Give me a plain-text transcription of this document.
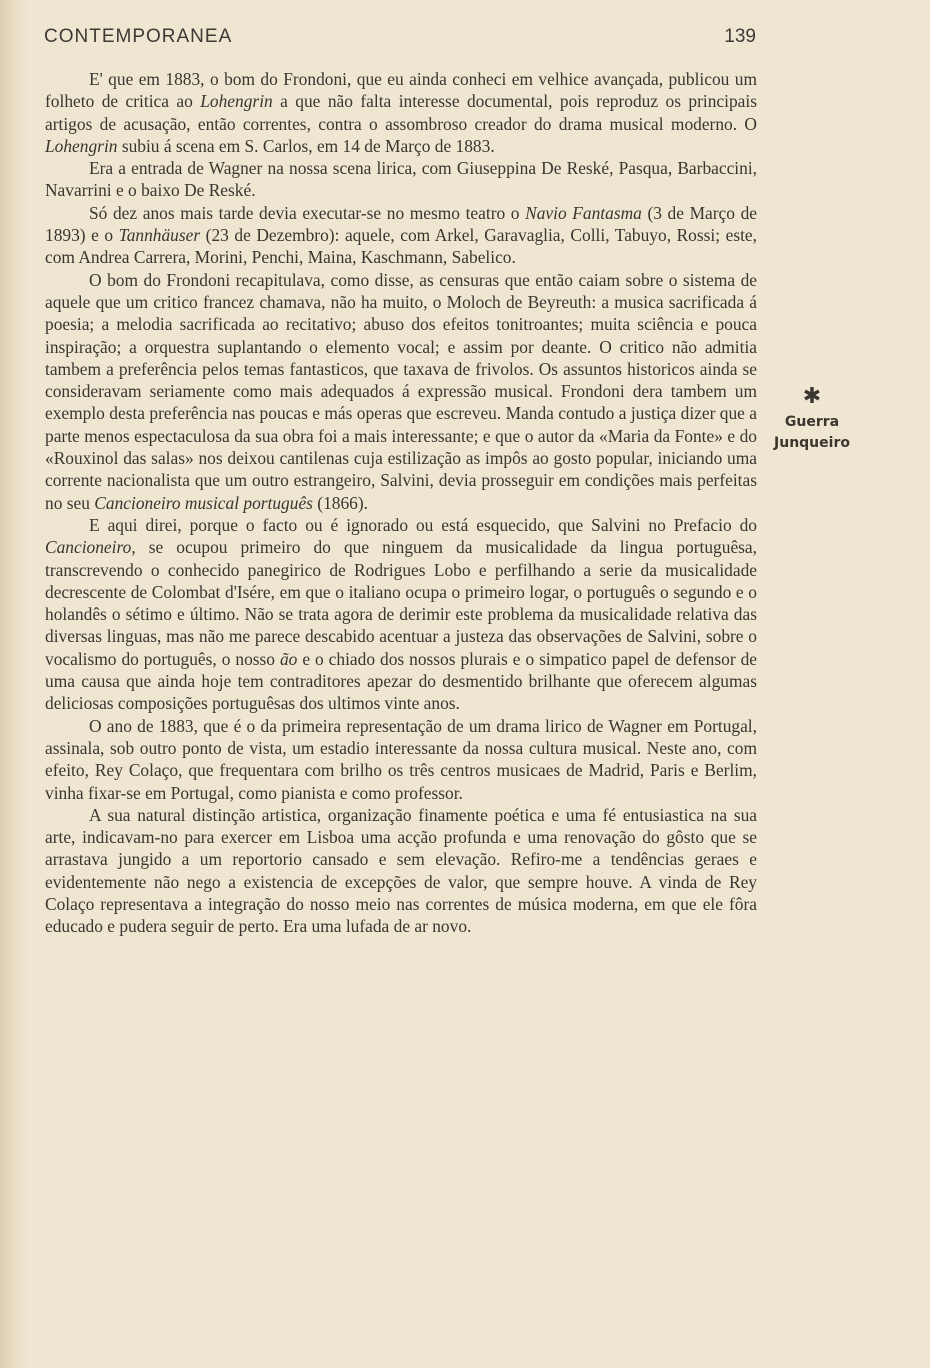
CONTEMPORANEA	139

E' que em 1883, o bom do Frondoni, que eu ainda conheci em velhice avançada, publicou um folheto de critica ao Lohengrin a que não falta interesse documental, pois reproduz os principais artigos de acusação, então correntes, contra o assombroso creador do drama musical moderno. O Lohengrin subiu á scena em S. Carlos, em 14 de Março de 1883.

Era a entrada de Wagner na nossa scena lirica, com Giuseppina De Reské, Pasqua, Barbaccini, Navarrini e o baixo De Reské.

Só dez anos mais tarde devia executar-se no mesmo teatro o Navio Fantasma (3 de Março de 1893) e o Tannhäuser (23 de Dezembro): aquele, com Arkel, Garavaglia, Colli, Tabuyo, Rossi; este, com Andrea Carrera, Morini, Penchi, Maina, Kaschmann, Sabelico.

O bom do Frondoni recapitulava, como disse, as censuras que então caiam sobre o sistema de aquele que um critico francez chamava, não ha muito, o Moloch de Beyreuth: a musica sacrificada á poesia; a melodia sacrificada ao recitativo; abuso dos efeitos tonitroantes; muita sciência e pouca inspiração; a orquestra suplantando o elemento vocal; e assim por deante. O critico não admitia tambem a preferência pelos temas fantasticos, que taxava de frivolos. Os assuntos historicos ainda se consideravam seriamente como mais adequados á expressão musical. Frondoni dera tambem um exemplo desta preferência nas poucas e más operas que escreveu. Manda contudo a justiça dizer que a parte menos espectaculosa da sua obra foi a mais interessante; e que o autor da «Maria da Fonte» e do «Rouxinol das salas» nos deixou cantilenas cuja estilização as impôs ao gosto popular, iniciando uma corrente nacionalista que um outro estrangeiro, Salvini, devia prosseguir em condições mais perfeitas no seu Cancioneiro musical português (1866).

E aqui direi, porque o facto ou é ignorado ou está esquecido, que Salvini no Prefacio do Cancioneiro, se ocupou primeiro do que ninguem da musicalidade da lingua portuguêsa, transcrevendo o conhecido panegirico de Rodrigues Lobo e perfilhando a serie da musicalidade decrescente de Colombat d'Isére, em que o italiano ocupa o primeiro logar, o português o segundo e o holandês o sétimo e último. Não se trata agora de derimir este problema da musicalidade relativa das diversas linguas, mas não me parece descabido acentuar a justeza das observações de Salvini, sobre o vocalismo do português, o nosso ão e o chiado dos nossos plurais e o simpatico papel de defensor de uma causa que ainda hoje tem contraditores apezar do desmentido brilhante que oferecem algumas deliciosas composições portuguêsas dos ultimos vinte anos.

O ano de 1883, que é o da primeira representação de um drama lirico de Wagner em Portugal, assinala, sob outro ponto de vista, um estadio interessante da nossa cultura musical. Neste ano, com efeito, Rey Colaço, que frequentara com brilho os três centros musicaes de Madrid, Paris e Berlim, vinha fixar-se em Portugal, como pianista e como professor.

A sua natural distinção artistica, organização finamente poética e uma fé entusiastica na sua arte, indicavam-no para exercer em Lisboa uma acção profunda e uma renovação do gôsto que se arrastava jungido a um reportorio cansado e sem elevação. Refiro-me a tendências geraes e evidentemente não nego a existencia de excepções de valor, que sempre houve. A vinda de Rey Colaço representava a integração do nosso meio nas correntes de música moderna, em que ele fôra educado e pudera seguir de perto. Era uma lufada de ar novo.

✱
Guerra
Junqueiro
